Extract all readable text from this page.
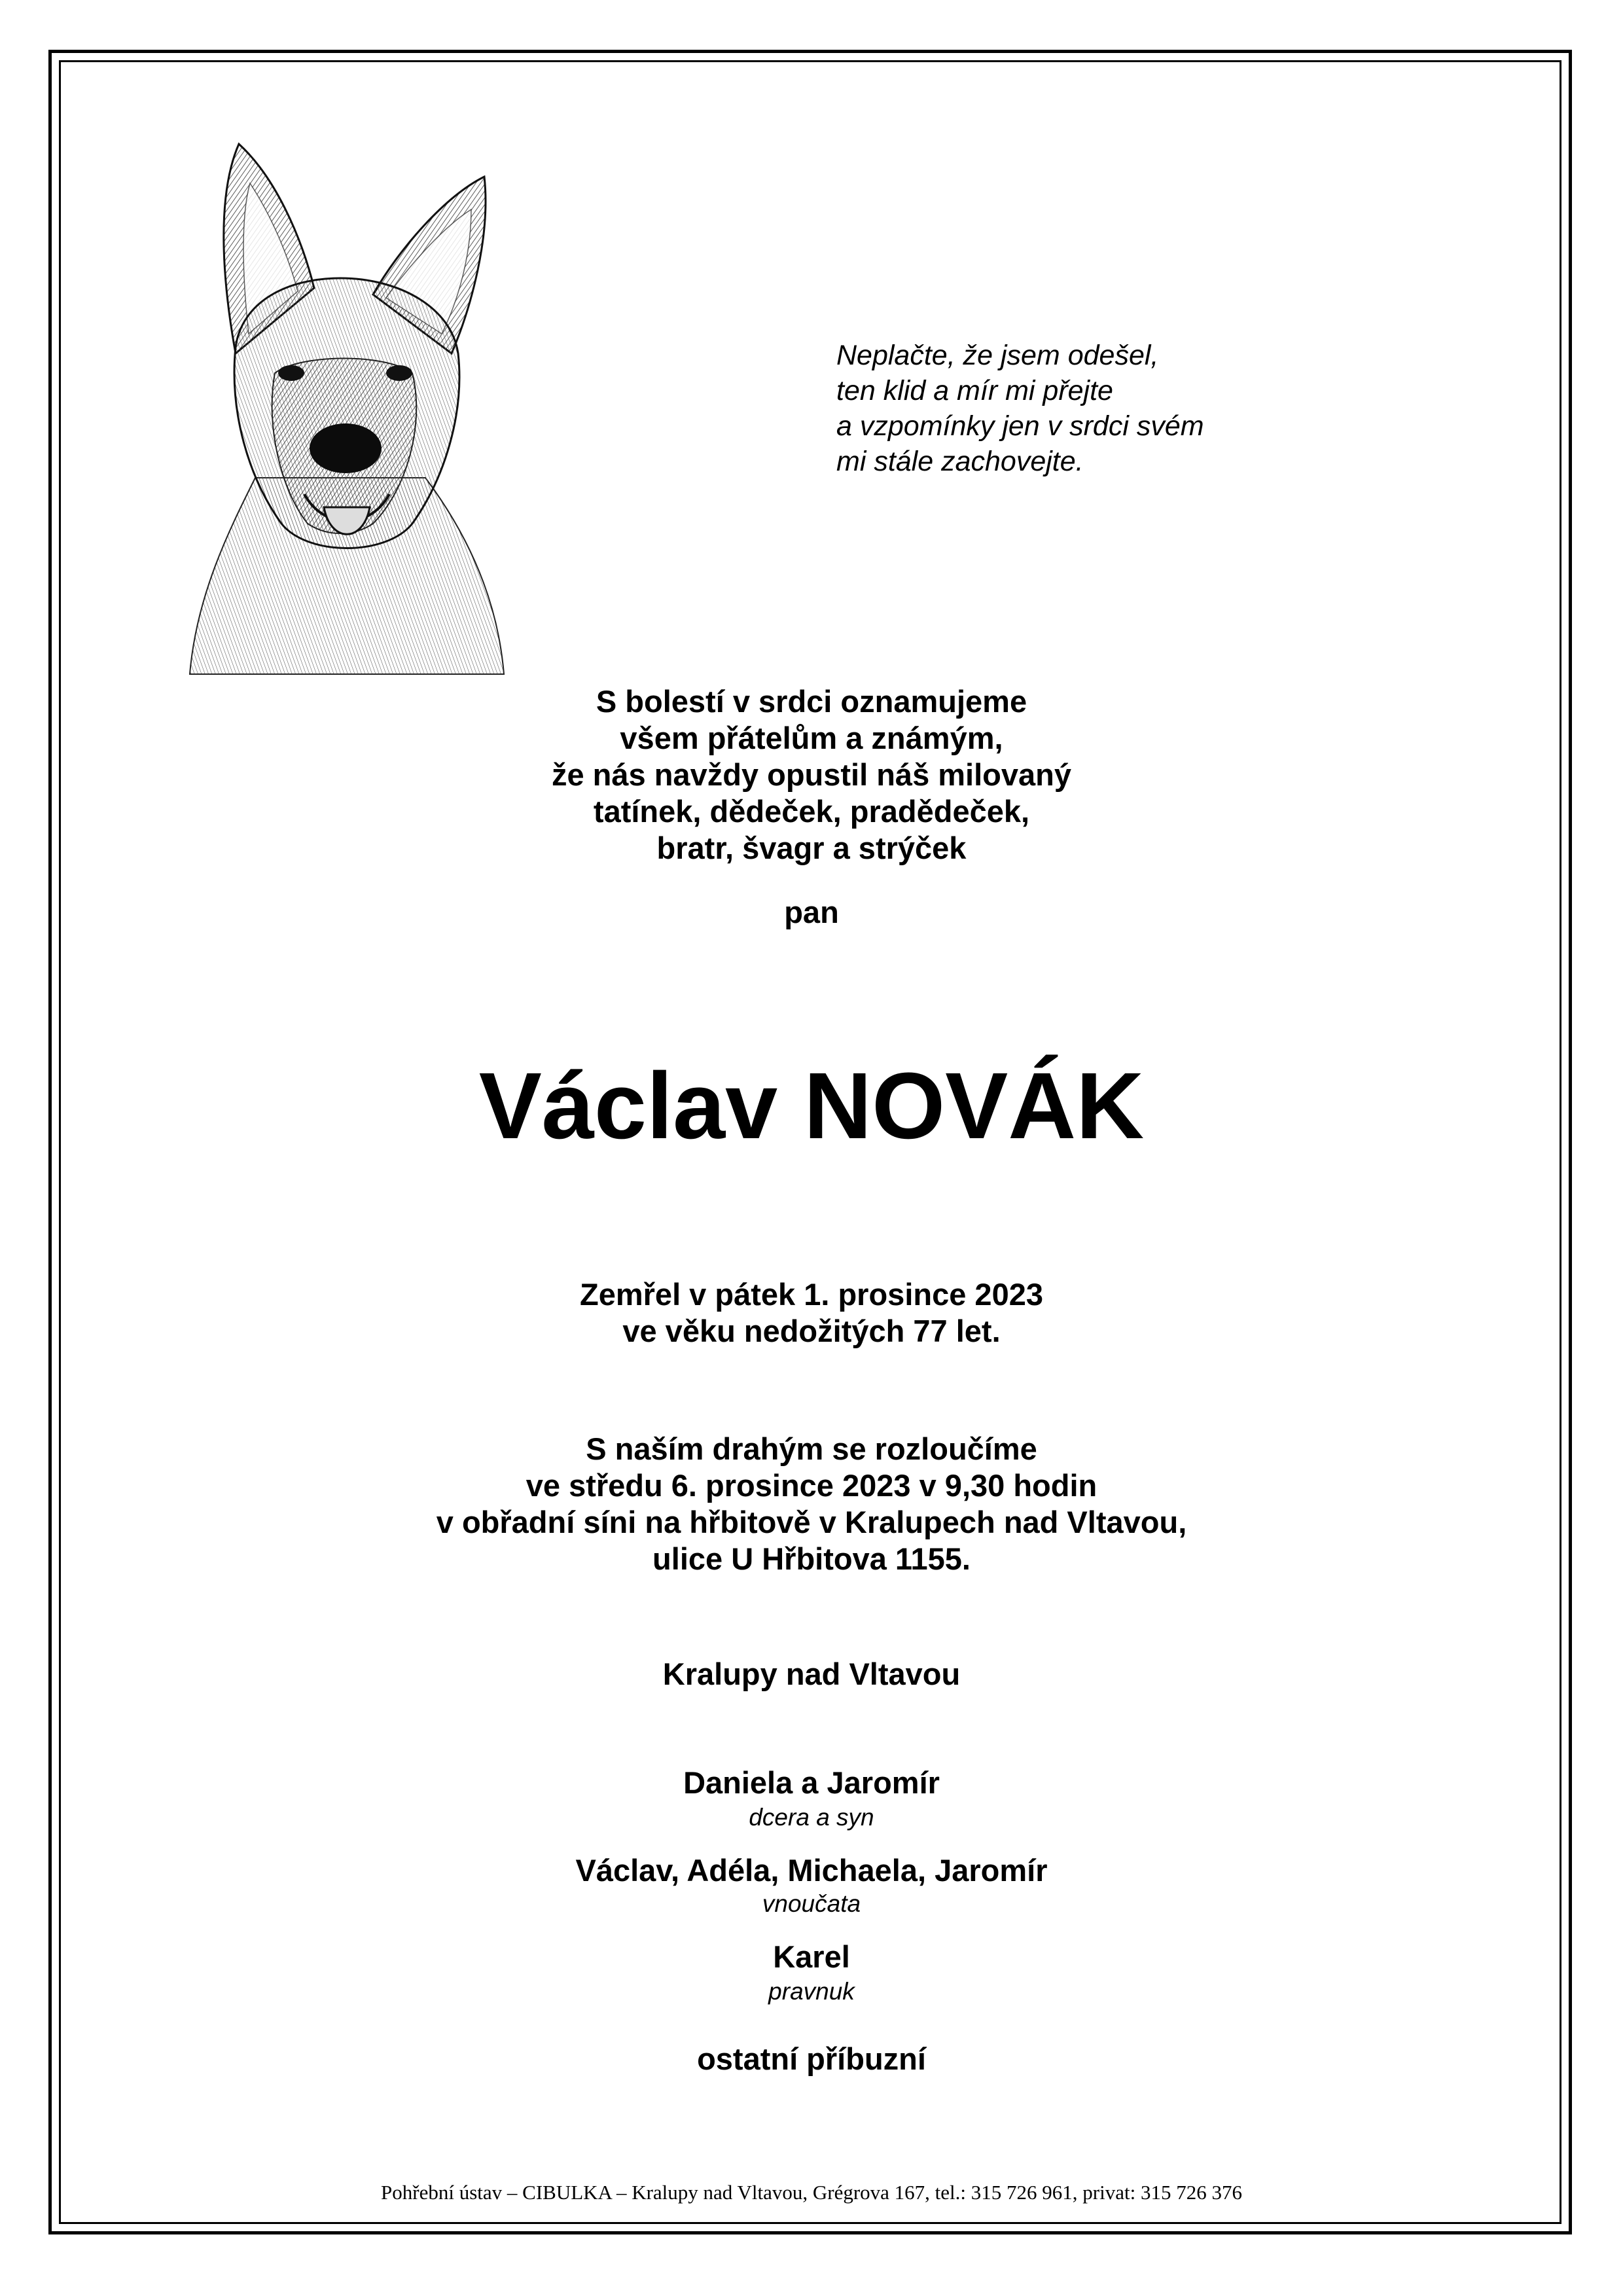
Neplačte, že jsem odešel,
ten klid a mír mi přejte
a vzpomínky jen v srdci svém
mi stále zachovejte.
S bolestí v srdci oznamujeme
všem přátelům a známým,
že nás navždy opustil náš milovaný
tatínek, dědeček, pradědeček,
bratr, švagr a strýček
pan
Václav NOVÁK
Zemřel v pátek 1. prosince 2023
ve věku nedožitých 77 let.
S naším drahým se rozloučíme
ve středu 6. prosince 2023 v 9,30 hodin
v obřadní síni na hřbitově v Kralupech nad Vltavou,
ulice U Hřbitova 1155.
Kralupy nad Vltavou
Daniela a Jaromír
dcera a syn
Václav, Adéla, Michaela, Jaromír
vnoučata
Karel
pravnuk
ostatní příbuzní
Pohřební ústav – CIBULKA – Kralupy nad Vltavou, Grégrova 167, tel.: 315 726 961, privat: 315 726 376
